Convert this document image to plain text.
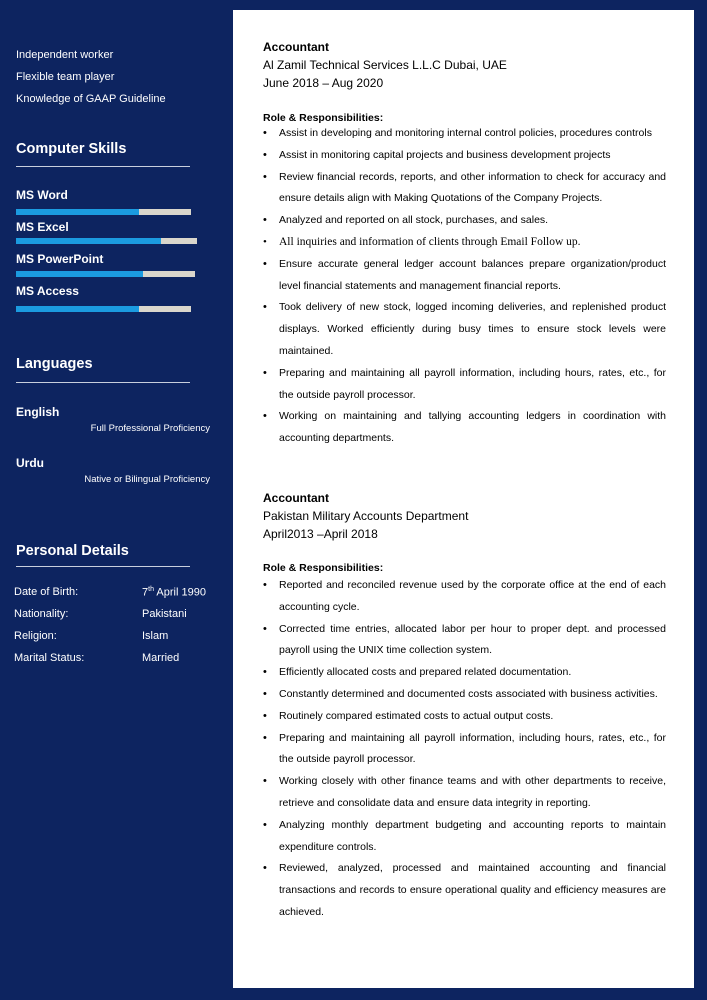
Independent worker
Flexible team player
Knowledge of GAAP Guideline
Computer Skills
MS Word
MS Excel
MS PowerPoint
MS Access
Languages
English
Full Professional Proficiency
Urdu
Native or Bilingual Proficiency
Personal Details
Date of Birth:	7th April 1990
Nationality:	Pakistani
Religion:	Islam
Marital Status:	Married
Accountant
Al Zamil Technical Services L.L.C Dubai, UAE
June 2018 – Aug 2020
Role & Responsibilities:
• Assist in developing and monitoring internal control policies, procedures controls
• Assist in monitoring capital projects and business development projects
• Review financial records, reports, and other information to check for accuracy and ensure details align with Making Quotations of the Company Projects.
• Analyzed and reported on all stock, purchases, and sales.
• All inquiries and information of clients through Email Follow up.
• Ensure accurate general ledger account balances prepare organization/product level financial statements and management financial reports.
• Took delivery of new stock, logged incoming deliveries, and replenished product displays. Worked efficiently during busy times to ensure stock levels were maintained.
• Preparing and maintaining all payroll information, including hours, rates, etc., for the outside payroll processor.
• Working on maintaining and tallying accounting ledgers in coordination with accounting departments.
Accountant
Pakistan Military Accounts Department
April2013 –April 2018
Role & Responsibilities:
• Reported and reconciled revenue used by the corporate office at the end of each accounting cycle.
• Corrected time entries, allocated labor per hour to proper dept. and processed payroll using the UNIX time collection system.
• Efficiently allocated costs and prepared related documentation.
• Constantly determined and documented costs associated with business activities.
• Routinely compared estimated costs to actual output costs.
• Preparing and maintaining all payroll information, including hours, rates, etc., for the outside payroll processor.
• Working closely with other finance teams and with other departments to receive, retrieve and consolidate data and ensure data integrity in reporting.
• Analyzing monthly department budgeting and accounting reports to maintain expenditure controls.
• Reviewed, analyzed, processed and maintained accounting and financial transactions and records to ensure operational quality and efficiency measures are achieved.
